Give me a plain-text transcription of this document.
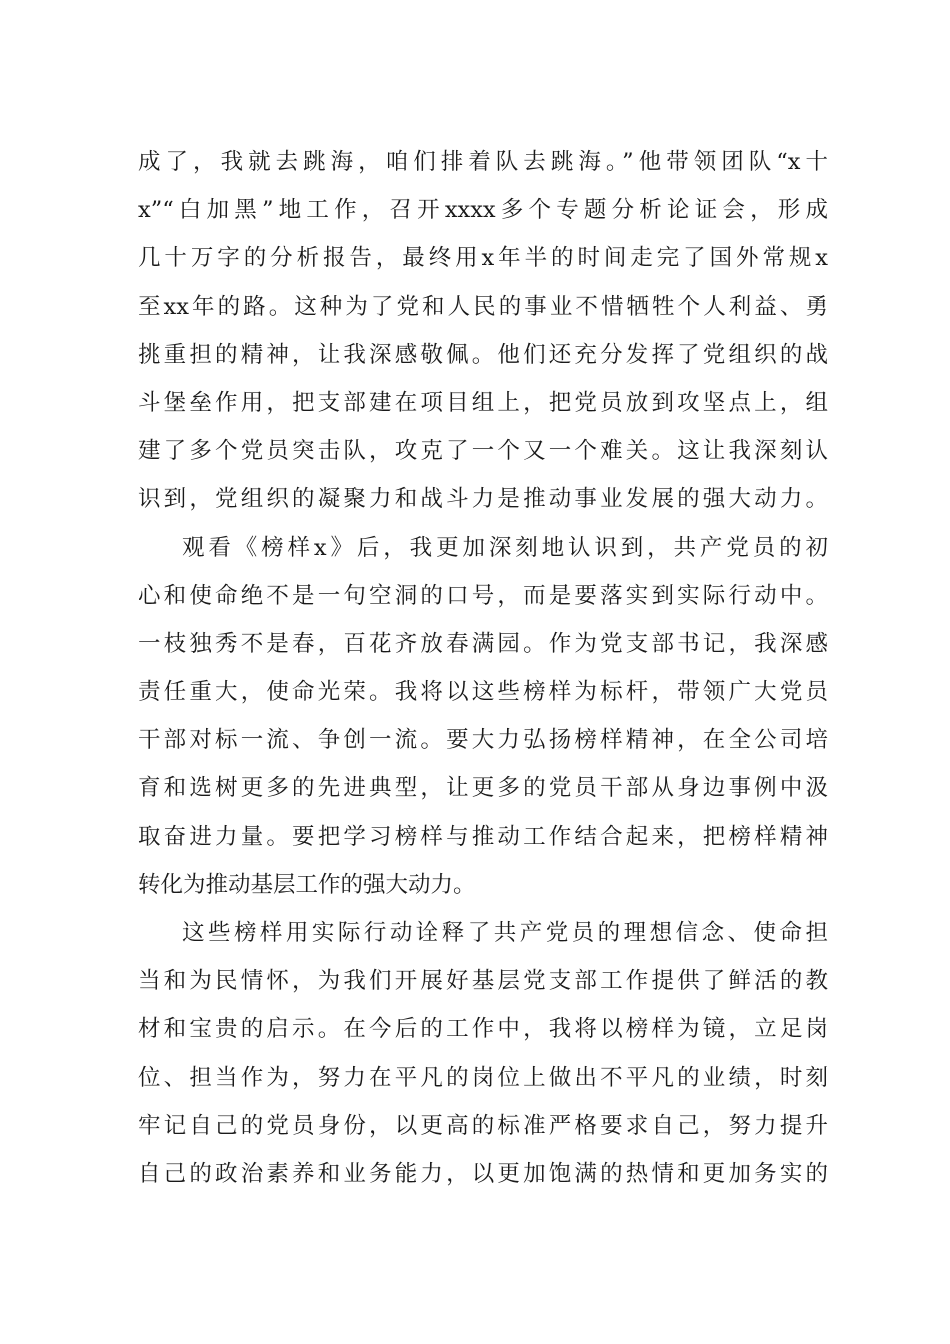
成了，我就去跳海，咱们排着队去跳海。”他带领团队“x十
x”“白加黑”地工作，召开xxxx多个专题分析论证会，形成
几十万字的分析报告，最终用x年半的时间走完了国外常规x
至xx年的路。这种为了党和人民的事业不惜牺牲个人利益、勇
挑重担的精神，让我深感敬佩。他们还充分发挥了党组织的战
斗堡垒作用，把支部建在项目组上，把党员放到攻坚点上，组
建了多个党员突击队，攻克了一个又一个难关。这让我深刻认
识到，党组织的凝聚力和战斗力是推动事业发展的强大动力。
观看《榜样x》后，我更加深刻地认识到，共产党员的初
心和使命绝不是一句空洞的口号，而是要落实到实际行动中。
一枝独秀不是春，百花齐放春满园。作为党支部书记，我深感
责任重大，使命光荣。我将以这些榜样为标杆，带领广大党员
干部对标一流、争创一流。要大力弘扬榜样精神，在全公司培
育和选树更多的先进典型，让更多的党员干部从身边事例中汲
取奋进力量。要把学习榜样与推动工作结合起来，把榜样精神
转化为推动基层工作的强大动力。
这些榜样用实际行动诠释了共产党员的理想信念、使命担
当和为民情怀，为我们开展好基层党支部工作提供了鲜活的教
材和宝贵的启示。在今后的工作中，我将以榜样为镜，立足岗
位、担当作为，努力在平凡的岗位上做出不平凡的业绩，时刻
牢记自己的党员身份，以更高的标准严格要求自己，努力提升
自己的政治素养和业务能力，以更加饱满的热情和更加务实的
